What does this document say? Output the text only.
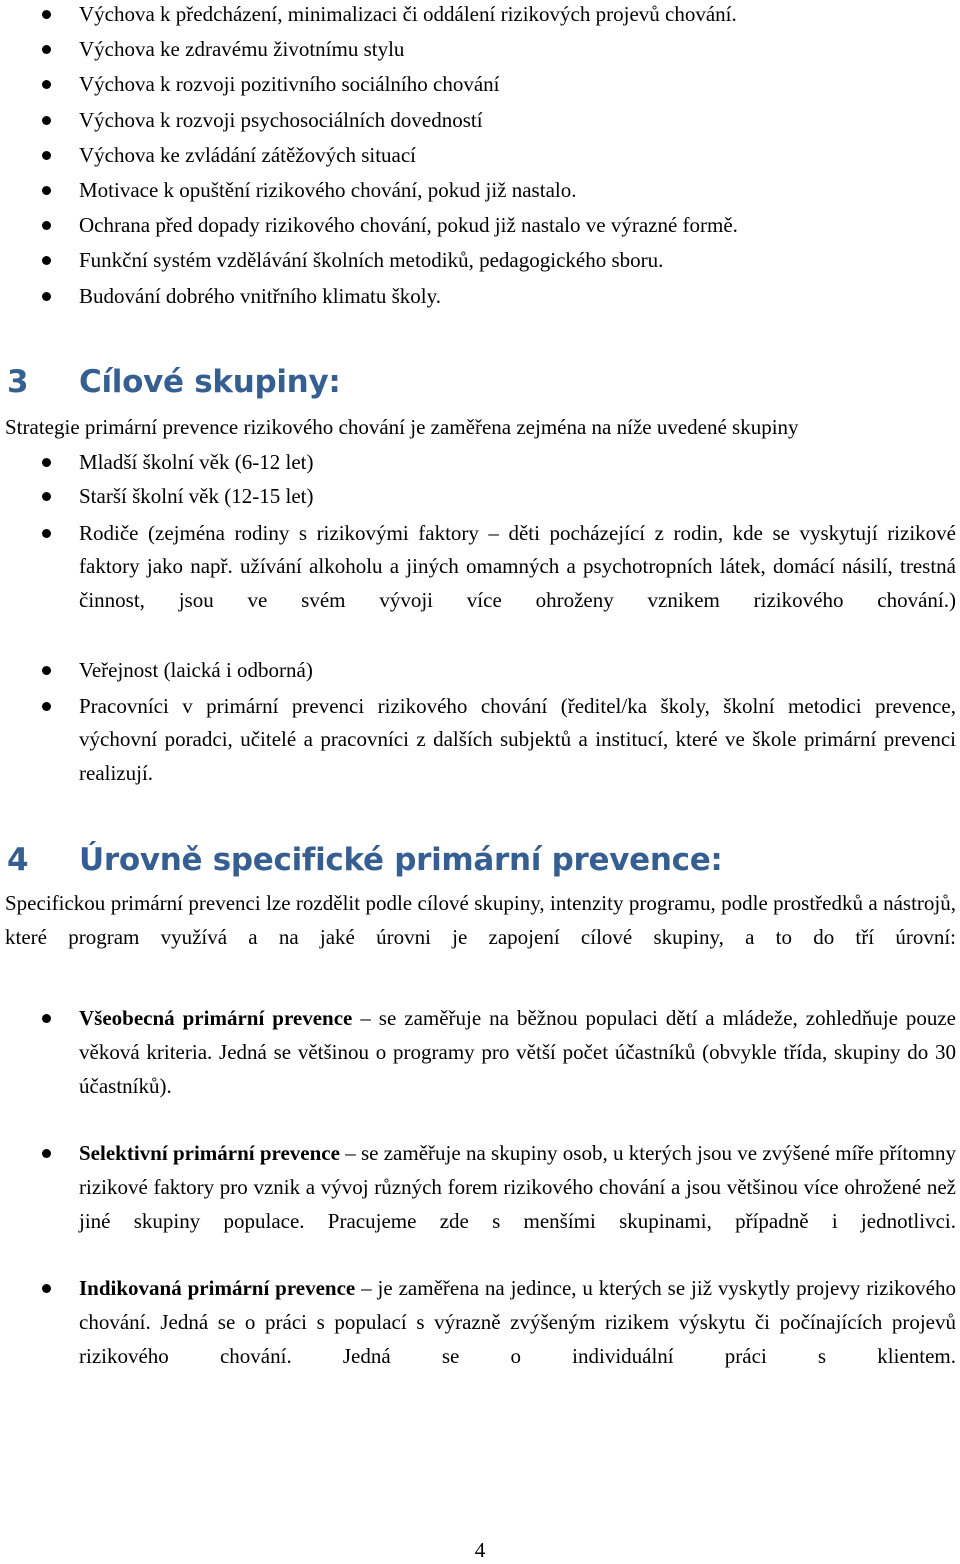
Výchova k předcházení, minimalizaci či oddálení rizikových projevů chování.
Výchova ke zdravému životnímu stylu
Výchova k rozvoji pozitivního sociálního chování
Výchova k rozvoji psychosociálních dovedností
Výchova ke zvládání zátěžových situací
Motivace k opuštění rizikového chování, pokud již nastalo.
Ochrana před dopady rizikového chování, pokud již nastalo ve výrazné formě.
Funkční systém vzdělávání školních metodiků, pedagogického sboru.
Budování dobrého vnitřního klimatu školy.
3 Cílové skupiny:

Strategie primární prevence rizikového chování je zaměřena zejména na níže uvedené skupiny

Mladší školní věk (6-12 let)
Starší školní věk (12-15 let)
Rodiče (zejména rodiny s rizikovými faktory – děti pocházející z rodin, kde se vyskytují rizikové faktory jako např. užívání alkoholu a jiných omamných a psychotropních látek, domácí násilí, trestná činnost, jsou ve svém vývoji více ohroženy vznikem rizikového chování.)
Veřejnost (laická i odborná)
Pracovníci v primární prevenci rizikového chování (ředitel/ka školy, školní metodici prevence, výchovní poradci, učitelé a pracovníci z dalších subjektů a institucí, které ve škole primární prevenci realizují.
4 Úrovně specifické primární prevence:

Specifickou primární prevenci lze rozdělit podle cílové skupiny, intenzity programu, podle prostředků a nástrojů, které program využívá a na jaké úrovni je zapojení cílové skupiny, a to do tří úrovní:

Všeobecná primární prevence – se zaměřuje na běžnou populaci dětí a mládeže, zohledňuje pouze věková kriteria. Jedná se většinou o programy pro větší počet účastníků (obvykle třída, skupiny do 30 účastníků).
Selektivní primární prevence – se zaměřuje na skupiny osob, u kterých jsou ve zvýšené míře přítomny rizikové faktory pro vznik a vývoj různých forem rizikového chování a jsou většinou více ohrožené než jiné skupiny populace. Pracujeme zde s menšími skupinami, případně i jednotlivci.
Indikovaná primární prevence – je zaměřena na jedince, u kterých se již vyskytly projevy rizikového chování. Jedná se o práci s populací s výrazně zvýšeným rizikem výskytu či počínajících projevů rizikového chování. Jedná se o individuální práci s klientem.
4
